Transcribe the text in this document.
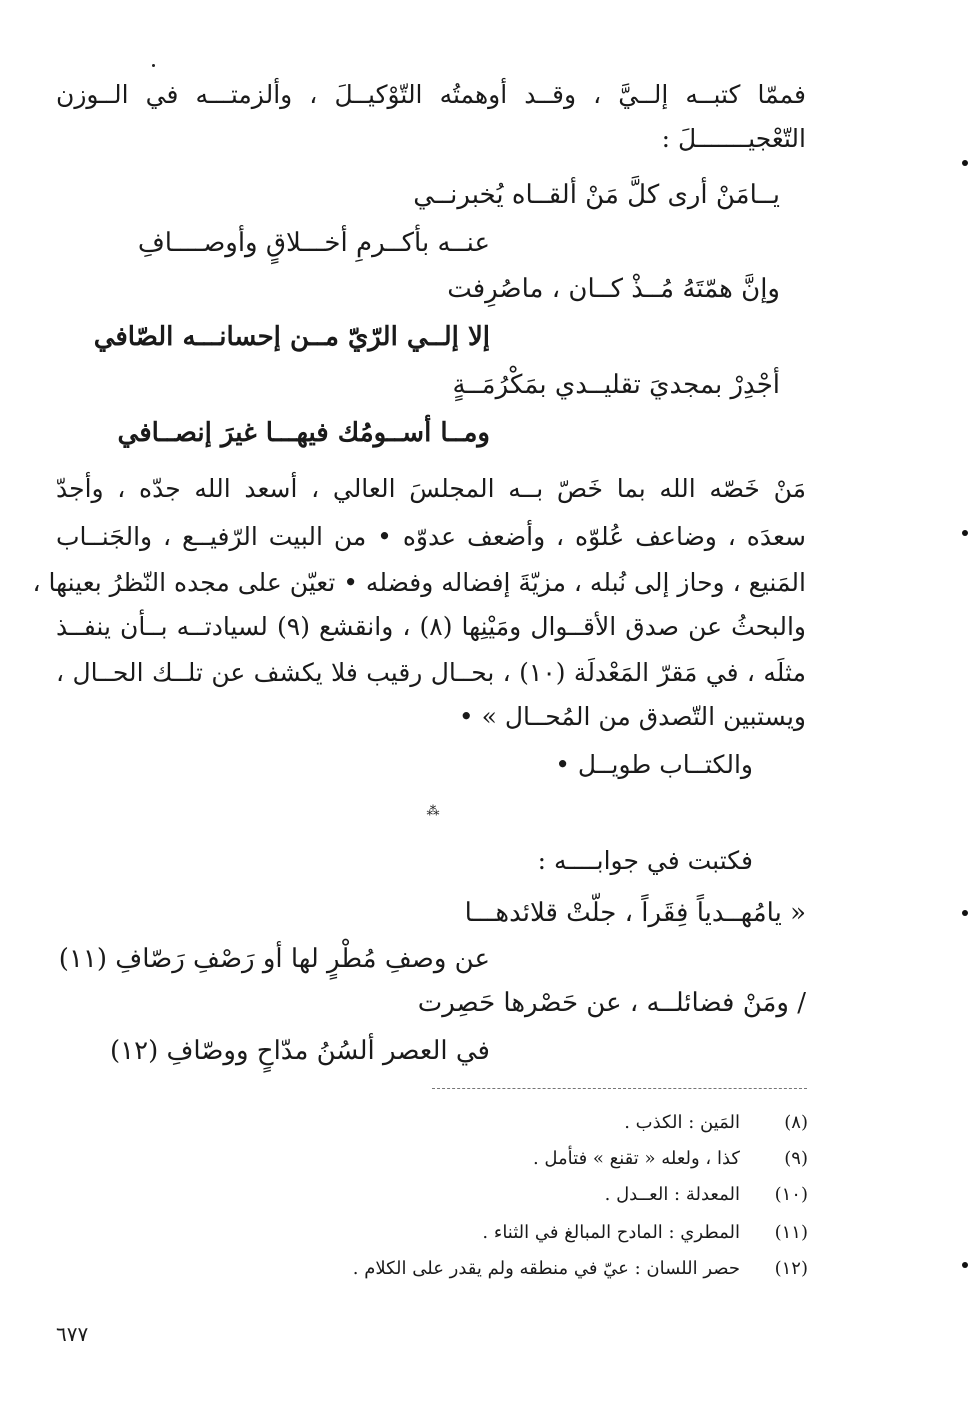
فممّا كتبــه إلــيَّ ، وقــد أوهمتُه التّوْكيــلَ ، وألزمتـــه في الــوزن
التّعْجيـــــــلَ :
يــامَنْ أرى كلَّ مَنْ ألقــاه يُخبرنــي
عنــه بأكــرمِ أخـــلاقٍ وأوصــــافِ
وإنَّ همّتَهُ مُــذْ كــان ، ماصُرِفت
إلا إلــي الرّيّ مــن إحسانـــه الصّافي
أجْدِرْ بمجديَ تقليــدي بمَكْرُمَــةٍ
ومــا أســومُك فيهـــا غيرَ إنصــافي
مَنْ خَصّه الله بما خَصّ بــه المجلسَ العالي ، أسعد الله جدّه ، وأجدّ
سعدَه ، وضاعف عُلوّه ، وأضعف عدوّه • من البيت الرّفيــع ، والجَنــاب
المَنيع ، وحاز إلى نُبله ، مزيّةَ إفضاله وفضله • تعيّن على مجده النّظرُ بعينها ،
والبحثُ عن صدق الأقــوال ومَيْنِها (٨) ، وانقشع (٩) لسيادتــه بــأن ينفــذ
مثلَه ، في مَقرّ المَعْدلَة (١٠) ، بحــال رقيب فلا يكشف عن تلــك الحــال ،
ويستبين التّصدق من المُحــال » •
والكتــاب طويــل •
⁂
فكتبت في جوابــــه :
« يامُهــدياً فِقَراً ، جلّتْ قلائدهـــا
عن وصفِ مُطْرٍ لها أو رَصْفِ رَصّافِ (١١)
/ ومَنْ فضائلــه ، عن حَصْرها حَصِرت
في العصر ألسُنُ مدّاحٍ ووصّافِ (١٢)
(٨)
المَين : الكذب .
(٩)
كذا ، ولعله « تقنع » فتأمل .
(١٠)
المعدلة : العــدل .
(١١)
المطري : المادح المبالغ في الثناء .
(١٢)
حصر اللسان : عيّ في منطقه ولم يقدر على الكلام .
٦٧٧
